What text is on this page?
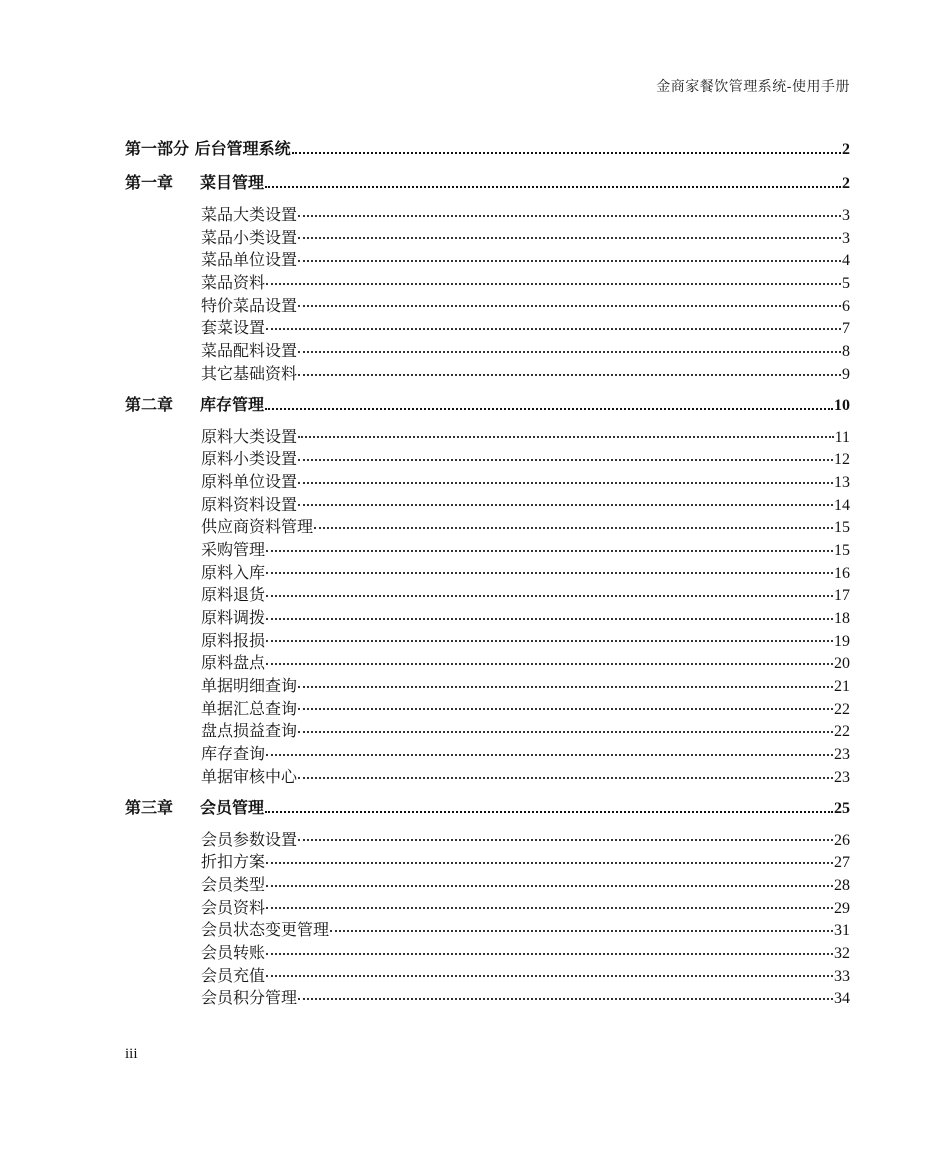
金商家餐饮管理系统-使用手册
第一部分 后台管理系统	2
第一章 菜目管理	2
菜品大类设置	3
菜品小类设置	3
菜品单位设置	4
菜品资料	5
特价菜品设置	6
套菜设置	7
菜品配料设置	8
其它基础资料	9
第二章 库存管理	10
原料大类设置	11
原料小类设置	12
原料单位设置	13
原料资料设置	14
供应商资料管理	15
采购管理	15
原料入库	16
原料退货	17
原料调拨	18
原料报损	19
原料盘点	20
单据明细查询	21
单据汇总查询	22
盘点损益查询	22
库存查询	23
单据审核中心	23
第三章 会员管理	25
会员参数设置	26
折扣方案	27
会员类型	28
会员资料	29
会员状态变更管理	31
会员转账	32
会员充值	33
会员积分管理	34
iii
